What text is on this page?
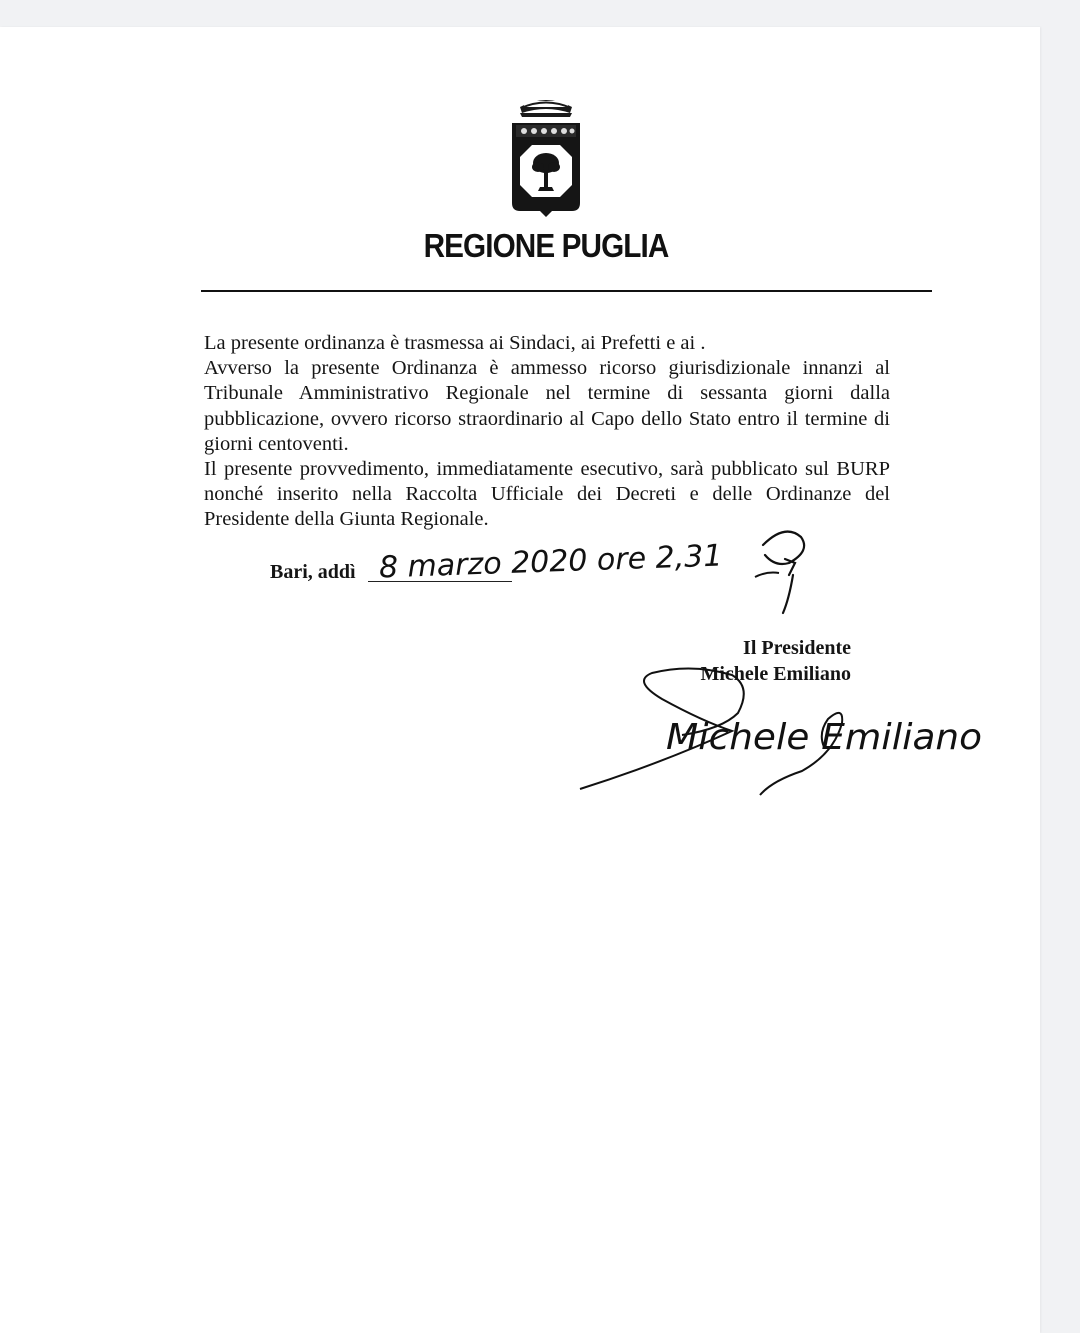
REGIONE PUGLIA

La presente ordinanza è trasmessa ai Sindaci, ai Prefetti e ai .

Avverso la presente Ordinanza è ammesso ricorso giurisdizionale innanzi al Tribunale Amministrativo Regionale nel termine di sessanta giorni dalla pubblicazione, ovvero ricorso straordinario al Capo dello Stato entro il termine di giorni centoventi.

Il presente provvedimento, immediatamente esecutivo, sarà pubblicato sul BURP nonché inserito nella Raccolta Ufficiale dei Decreti e delle Ordinanze del Presidente della Giunta Regionale.

Bari, addì 8 marzo 2020 ore 2,31
Il Presidente
Michele Emiliano
Michele Emiliano
